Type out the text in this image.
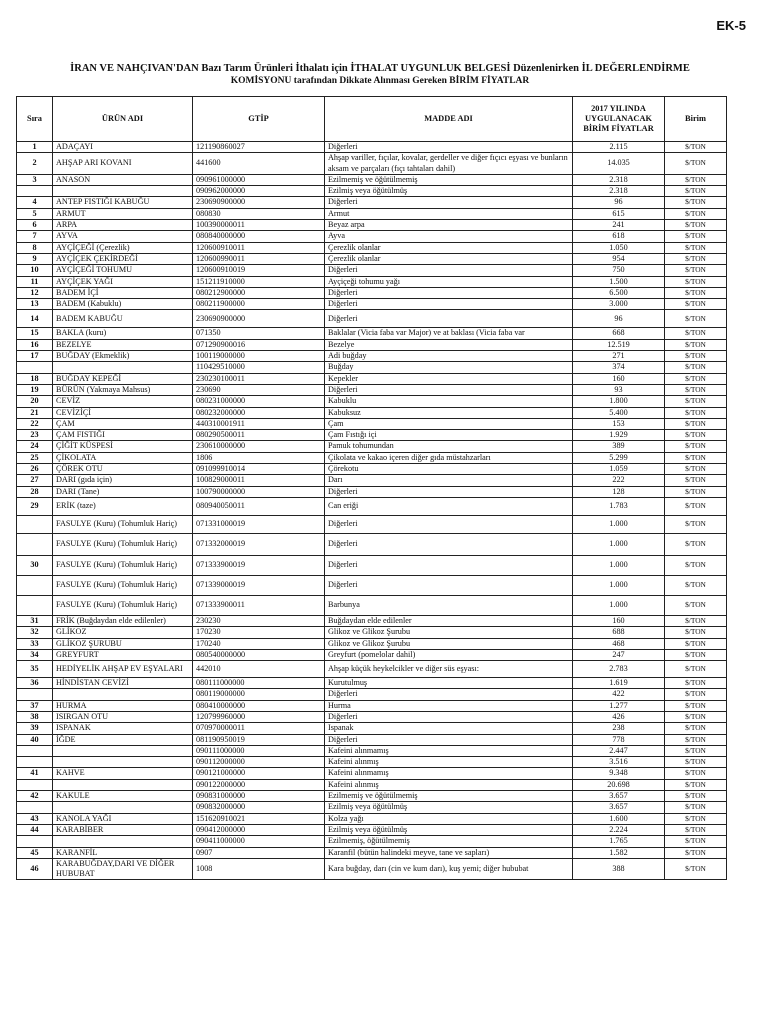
EK-5
İRAN VE NAHÇIVAN'DAN Bazı Tarım Ürünleri İthalatı için İTHALAT UYGUNLUK BELGESİ Düzenlenirken İL DEĞERLENDİRME
KOMİSYONU tarafından Dikkate Alınması Gereken BİRİM FİYATLAR
Sıra	ÜRÜN ADI	GTİP	MADDE ADI	2017 YILINDA UYGULANACAK BİRİM FİYATLAR	Birim
1	ADAÇAYI	121190860027	Diğerleri	2.115	$/TON
2	AHŞAP ARI KOVANI	441600	Ahşap variller, fıçılar, kovalar, gerdeller ve diğer fıçıcı eşyası ve bunların aksam ve parçaları (fıçı tahtaları dahil)	14.035	$/TON
3	ANASON	090961000000	Ezilmemiş ve öğütülmemiş	2.318	$/TON
		090962000000	Ezilmiş veya öğütülmüş	2.318	$/TON
4	ANTEP FISTIĞI KABUĞU	230690900000	Diğerleri	96	$/TON
5	ARMUT	080830	Armut	615	$/TON
6	ARPA	100390000011	Beyaz arpa	241	$/TON
7	AYVA	080840000000	Ayva	618	$/TON
8	AYÇİÇEĞİ (Çerezlik)	120600910011	Çerezlik olanlar	1.050	$/TON
9	AYÇİÇEK ÇEKİRDEĞİ	120600990011	Çerezlik olanlar	954	$/TON
10	AYÇİÇEĞİ TOHUMU	120600910019	Diğerleri	750	$/TON
11	AYÇİÇEK YAĞI	151211910000	Ayçiçeği tohumu yağı	1.500	$/TON
12	BADEM İÇİ	080212900000	Diğerleri	6.500	$/TON
13	BADEM (Kabuklu)	080211900000	Diğerleri	3.000	$/TON
14	BADEM KABUĞU	230690900000	Diğerleri	96	$/TON
15	BAKLA (kuru)	071350	Baklalar (Vicia faba var Major) ve at baklası (Vicia faba var	668	$/TON
16	BEZELYE	071290900016	Bezelye	12.519	$/TON
17	BUĞDAY (Ekmeklik)	100119000000	Adi buğday	271	$/TON
		110429510000	Buğday	374	$/TON
18	BUĞDAY KEPEĞİ	230230100011	Kepekler	160	$/TON
19	BÜRÜN (Yakmaya Mahsus)	230690	Diğerleri	93	$/TON
20	CEVİZ	080231000000	Kabuklu	1.800	$/TON
21	CEVİZİÇİ	080232000000	Kabuksuz	5.400	$/TON
22	ÇAM	440310001911	Çam	153	$/TON
23	ÇAM FISTIĞI	080290500011	Çam Fıstığı içi	1.929	$/TON
24	ÇİĞİT KÜSPESİ	230610000000	Pamuk tohumundan	389	$/TON
25	ÇİKOLATA	1806	Çikolata ve kakao içeren diğer gıda müstahzarları	5.299	$/TON
26	ÇÖREK OTU	091099910014	Çörekotu	1.059	$/TON
27	DARI (gıda için)	100829000011	Darı	222	$/TON
28	DARI (Tane)	100790000000	Diğerleri	128	$/TON
29	ERİK (taze)	080940050011	Can eriği	1.783	$/TON
	FASULYE (Kuru) (Tohumluk Hariç)	071331000019	Diğerleri	1.000	$/TON
	FASULYE (Kuru) (Tohumluk Hariç)	071332000019	Diğerleri	1.000	$/TON
30	FASULYE (Kuru) (Tohumluk Hariç)	071333900019	Diğerleri	1.000	$/TON
	FASULYE (Kuru) (Tohumluk Hariç)	071339000019	Diğerleri	1.000	$/TON
	FASULYE (Kuru) (Tohumluk Hariç)	071333900011	Barbunya	1.000	$/TON
31	FRİK (Buğdaydan elde edilenler)	230230	Buğdaydan elde edilenler	160	$/TON
32	GLİKOZ	170230	Glikoz ve Glikoz Şurubu	688	$/TON
33	GLİKOZ ŞURUBU	170240	Glikoz ve Glikoz Şurubu	468	$/TON
34	GREYFURT	080540000000	Greyfurt (pomelolar dahil)	247	$/TON
35	HEDİYELİK AHŞAP EV EŞYALARI	442010	Ahşap küçük heykelcikler ve diğer süs eşyası:	2.783	$/TON
36	HİNDİSTAN CEVİZİ	080111000000	Kurutulmuş	1.619	$/TON
		080119000000	Diğerleri	422	$/TON
37	HURMA	080410000000	Hurma	1.277	$/TON
38	ISIRGAN OTU	120799960000	Diğerleri	426	$/TON
39	ISPANAK	070970000011	Ispanak	238	$/TON
40	İĞDE	081190950019	Diğerleri	778	$/TON
		090111000000	Kafeini alınmamış	2.447	$/TON
		090112000000	Kafeini alınmış	3.516	$/TON
41	KAHVE	090121000000	Kafeini alınmamış	9.348	$/TON
		090122000000	Kafeini alınmış	20.698	$/TON
42	KAKULE	090831000000	Ezilmemiş ve öğütülmemiş	3.657	$/TON
		090832000000	Ezilmiş veya öğütülmüş	3.657	$/TON
43	KANOLA YAĞI	151620910021	Kolza yağı	1.600	$/TON
44	KARABİBER	090412000000	Ezilmiş veya öğütülmüş	2.224	$/TON
		090411000000	Ezilmemiş, öğütülmemiş	1.765	$/TON
45	KARANFİL	0907	Karanfil (bütün halindeki meyve, tane ve sapları)	1.582	$/TON
46	KARABUĞDAY,DARI VE DİĞER HUBUBAT	1008	Kara buğday, darı (cin ve kum darı), kuş yemi; diğer hububat	388	$/TON
